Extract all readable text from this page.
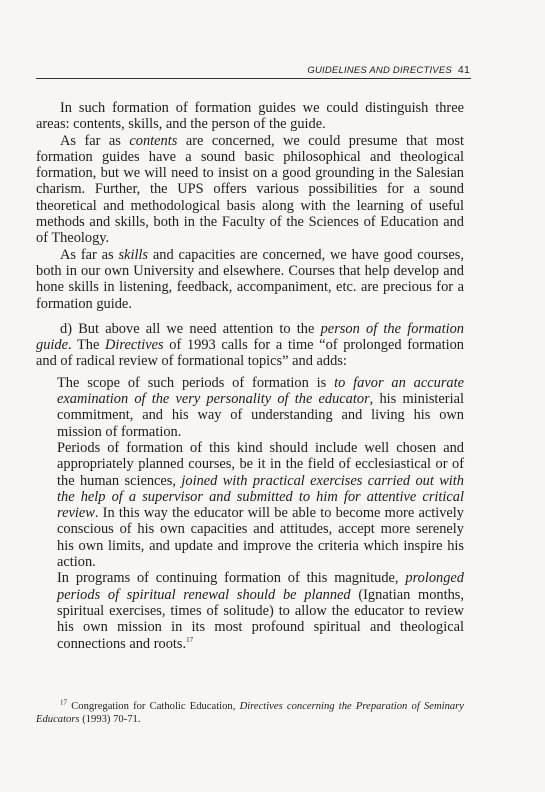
GUIDELINES AND DIRECTIVES 41

In such formation of formation guides we could distinguish three areas: contents, skills, and the person of the guide.

As far as contents are concerned, we could presume that most formation guides have a sound basic philosophical and theological formation, but we will need to insist on a good grounding in the Salesian charism. Further, the UPS offers various possibilities for a sound theoretical and methodological basis along with the learning of useful methods and skills, both in the Faculty of the Sciences of Education and of Theology.

As far as skills and capacities are concerned, we have good courses, both in our own University and elsewhere. Courses that help develop and hone skills in listening, feedback, accompaniment, etc. are precious for a formation guide.

d) But above all we need attention to the person of the formation guide. The Directives of 1993 calls for a time “of prolonged formation and of radical review of formational topics” and adds:

The scope of such periods of formation is to favor an accurate examination of the very personality of the educator, his ministerial commitment, and his way of understanding and living his own mission of formation.

Periods of formation of this kind should include well chosen and appropriately planned courses, be it in the field of ecclesiastical or of the human sciences, joined with practical exercises carried out with the help of a supervisor and submitted to him for attentive critical review. In this way the educator will be able to become more actively conscious of his own capacities and attitudes, accept more serenely his own limits, and update and improve the criteria which inspire his action.

In programs of continuing formation of this magnitude, prolonged periods of spiritual renewal should be planned (Ignatian months, spiritual exercises, times of solitude) to allow the educator to review his own mission in its most profound spiritual and theological connections and roots.$^{17}$

$^{17}$ Congregation for Catholic Education, Directives concerning the Preparation of Seminary Educators (1993) 70-71.
